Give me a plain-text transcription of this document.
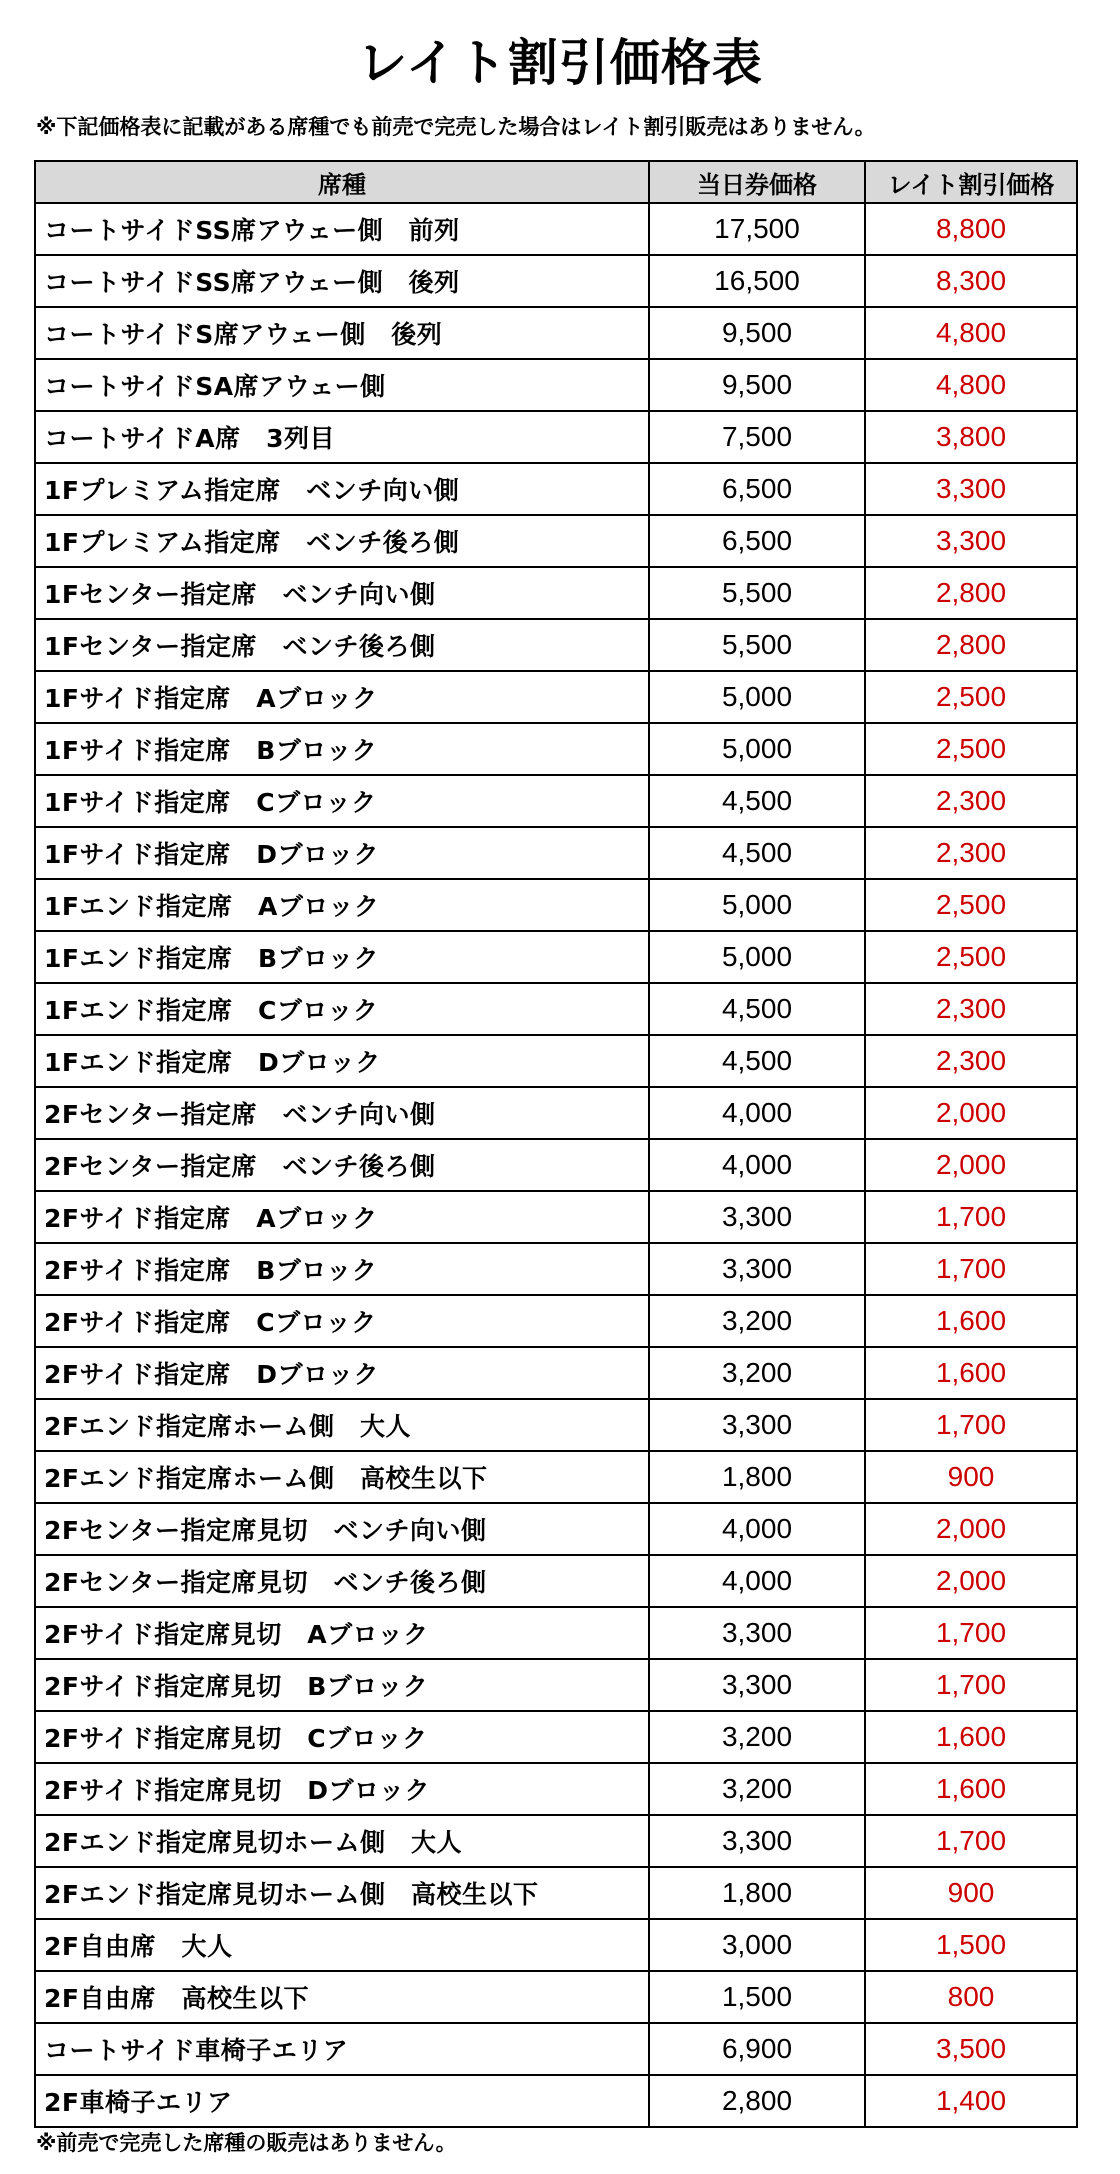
レイト割引価格表
※下記価格表に記載がある席種でも前売で完売した場合はレイト割引販売はありません。
席種	当日券価格	レイト割引価格
コートサイドSS席アウェー側　前列	17,500	8,800
コートサイドSS席アウェー側　後列	16,500	8,300
コートサイドS席アウェー側　後列	9,500	4,800
コートサイドSA席アウェー側	9,500	4,800
コートサイドA席　3列目	7,500	3,800
1Fプレミアム指定席　ベンチ向い側	6,500	3,300
1Fプレミアム指定席　ベンチ後ろ側	6,500	3,300
1Fセンター指定席　ベンチ向い側	5,500	2,800
1Fセンター指定席　ベンチ後ろ側	5,500	2,800
1Fサイド指定席　Aブロック	5,000	2,500
1Fサイド指定席　Bブロック	5,000	2,500
1Fサイド指定席　Cブロック	4,500	2,300
1Fサイド指定席　Dブロック	4,500	2,300
1Fエンド指定席　Aブロック	5,000	2,500
1Fエンド指定席　Bブロック	5,000	2,500
1Fエンド指定席　Cブロック	4,500	2,300
1Fエンド指定席　Dブロック	4,500	2,300
2Fセンター指定席　ベンチ向い側	4,000	2,000
2Fセンター指定席　ベンチ後ろ側	4,000	2,000
2Fサイド指定席　Aブロック	3,300	1,700
2Fサイド指定席　Bブロック	3,300	1,700
2Fサイド指定席　Cブロック	3,200	1,600
2Fサイド指定席　Dブロック	3,200	1,600
2Fエンド指定席ホーム側　大人	3,300	1,700
2Fエンド指定席ホーム側　高校生以下	1,800	900
2Fセンター指定席見切　ベンチ向い側	4,000	2,000
2Fセンター指定席見切　ベンチ後ろ側	4,000	2,000
2Fサイド指定席見切　Aブロック	3,300	1,700
2Fサイド指定席見切　Bブロック	3,300	1,700
2Fサイド指定席見切　Cブロック	3,200	1,600
2Fサイド指定席見切　Dブロック	3,200	1,600
2Fエンド指定席見切ホーム側　大人	3,300	1,700
2Fエンド指定席見切ホーム側　高校生以下	1,800	900
2F自由席　大人	3,000	1,500
2F自由席　高校生以下	1,500	800
コートサイド車椅子エリア	6,900	3,500
2F車椅子エリア	2,800	1,400
※前売で完売した席種の販売はありません。
